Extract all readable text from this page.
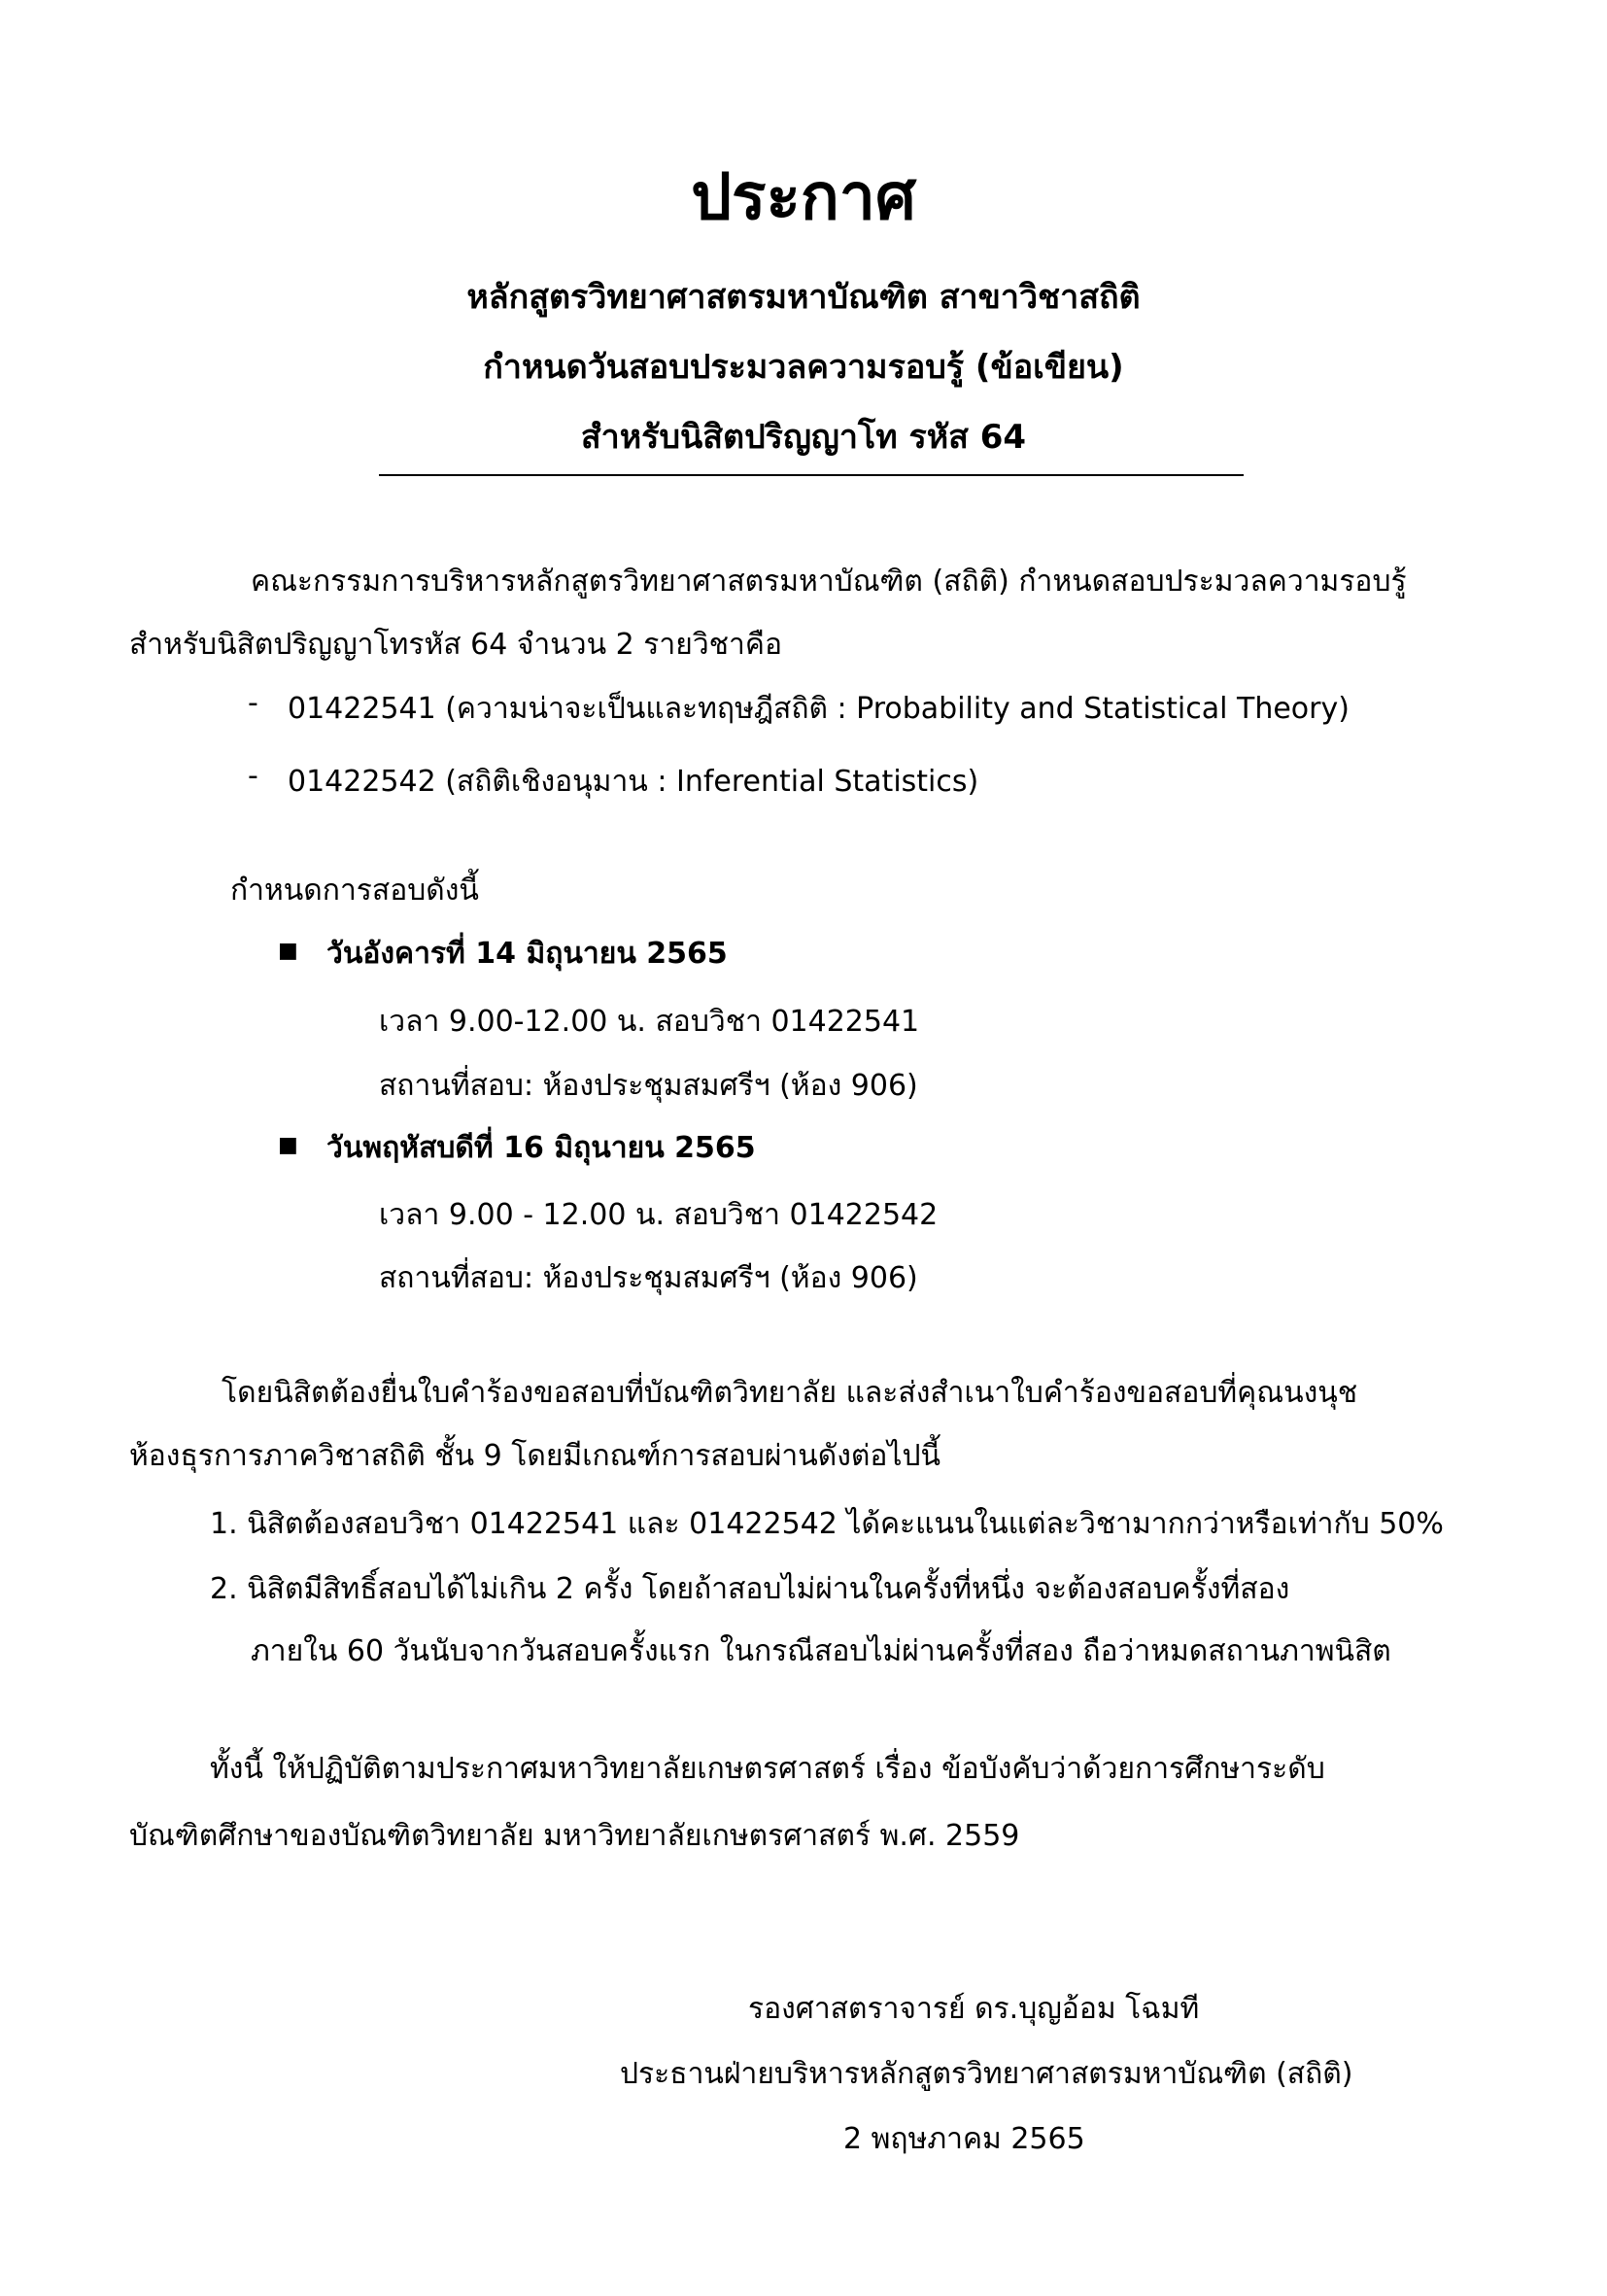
ประกาศ
หลักสูตรวิทยาศาสตรมหาบัณฑิต สาขาวิชาสถิติ
กำหนดวันสอบประมวลความรอบรู้ (ข้อเขียน)
สำหรับนิสิตปริญญาโท รหัส 64
คณะกรรมการบริหารหลักสูตรวิทยาศาสตรมหาบัณฑิต (สถิติ) กำหนดสอบประมวลความรอบรู้
สำหรับนิสิตปริญญาโทรหัส 64 จำนวน 2 รายวิชาคือ
- 01422541 (ความน่าจะเป็นและทฤษฎีสถิติ : Probability and Statistical Theory)
- 01422542 (สถิติเชิงอนุมาน : Inferential Statistics)
กำหนดการสอบดังนี้
■ วันอังคารที่ 14 มิถุนายน 2565
เวลา 9.00-12.00 น. สอบวิชา 01422541
สถานที่สอบ: ห้องประชุมสมศรีฯ (ห้อง 906)
■ วันพฤหัสบดีที่ 16 มิถุนายน 2565
เวลา 9.00 - 12.00 น. สอบวิชา 01422542
สถานที่สอบ: ห้องประชุมสมศรีฯ (ห้อง 906)
โดยนิสิตต้องยื่นใบคำร้องขอสอบที่บัณฑิตวิทยาลัย และส่งสำเนาใบคำร้องขอสอบที่คุณนงนุช
ห้องธุรการภาควิชาสถิติ ชั้น 9 โดยมีเกณฑ์การสอบผ่านดังต่อไปนี้
1. นิสิตต้องสอบวิชา 01422541 และ 01422542 ได้คะแนนในแต่ละวิชามากกว่าหรือเท่ากับ 50%
2. นิสิตมีสิทธิ์สอบได้ไม่เกิน 2 ครั้ง โดยถ้าสอบไม่ผ่านในครั้งที่หนึ่ง จะต้องสอบครั้งที่สอง
ภายใน 60 วันนับจากวันสอบครั้งแรก ในกรณีสอบไม่ผ่านครั้งที่สอง ถือว่าหมดสถานภาพนิสิต
ทั้งนี้ ให้ปฏิบัติตามประกาศมหาวิทยาลัยเกษตรศาสตร์ เรื่อง ข้อบังคับว่าด้วยการศึกษาระดับ
บัณฑิตศึกษาของบัณฑิตวิทยาลัย มหาวิทยาลัยเกษตรศาสตร์ พ.ศ. 2559
รองศาสตราจารย์ ดร.บุญอ้อม โฉมที
ประธานฝ่ายบริหารหลักสูตรวิทยาศาสตรมหาบัณฑิต (สถิติ)
2 พฤษภาคม 2565
